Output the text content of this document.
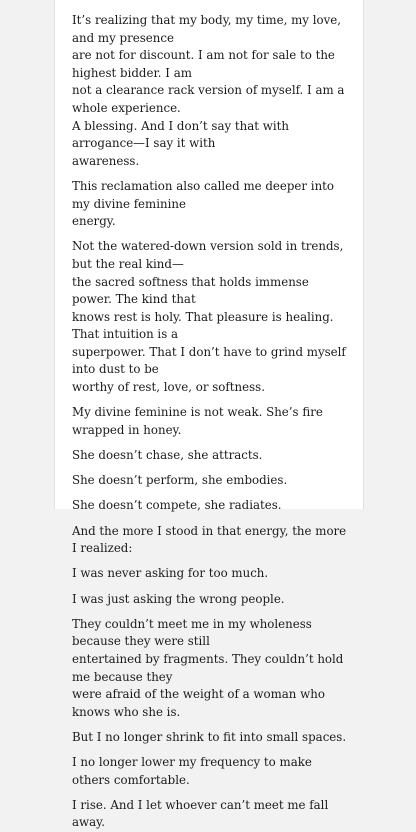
It’s realizing that my body, my time, my love, and my presence
are not for discount. I am not for sale to the highest bidder. I am
not a clearance rack version of myself. I am a whole experience.
A blessing. And I don’t say that with arrogance—I say it with
awareness.

This reclamation also called me deeper into my divine feminine
energy.

Not the watered-down version sold in trends, but the real kind—
the sacred softness that holds immense power. The kind that
knows rest is holy. That pleasure is healing. That intuition is a
superpower. That I don’t have to grind myself into dust to be
worthy of rest, love, or softness.

My divine feminine is not weak. She’s fire wrapped in honey.

She doesn’t chase, she attracts.

She doesn’t perform, she embodies.

She doesn’t compete, she radiates.

And the more I stood in that energy, the more I realized:

I was never asking for too much.

I was just asking the wrong people.

They couldn’t meet me in my wholeness because they were still
entertained by fragments. They couldn’t hold me because they
were afraid of the weight of a woman who knows who she is.

But I no longer shrink to fit into small spaces.

I no longer lower my frequency to make others comfortable.

I rise. And I let whoever can’t meet me fall away.
